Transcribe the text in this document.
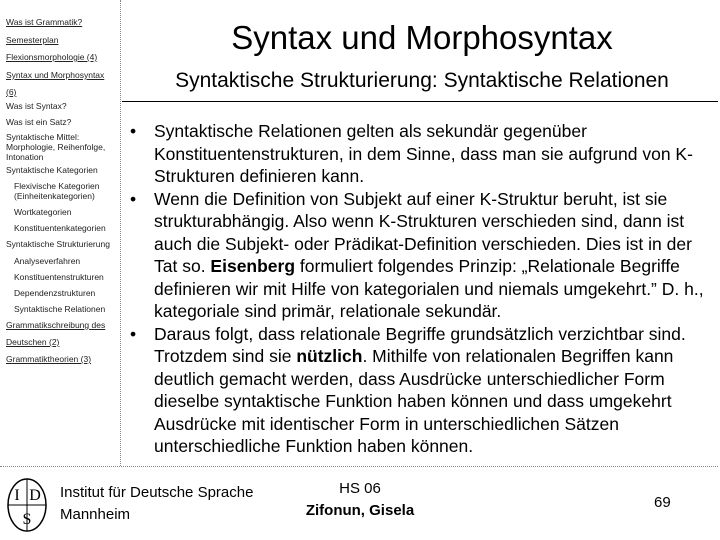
Was ist Grammatik?
Semesterplan
Flexionsmorphologie (4)
Syntax und Morphosyntax
(6)
Was ist Syntax?
Was ist ein Satz?
Syntaktische Mittel: Morphologie, Reihenfolge, Intonation
Syntaktische Kategorien
Flexivische Kategorien (Einheitenkategorien)
Wortkategorien
Konstituentenkategorien
Syntaktische Strukturierung
Analyseverfahren
Konstituentenstrukturen
Dependenzstrukturen
Syntaktische Relationen
Grammatikschreibung des
Deutschen (2)
Grammatiktheorien (3)
Syntax und Morphosyntax
Syntaktische Strukturierung: Syntaktische Relationen
• Syntaktische Relationen gelten als sekundär gegenüber Konstituentenstrukturen, in dem Sinne, dass man sie aufgrund von K-Strukturen definieren kann.
• Wenn die Definition von Subjekt auf einer K-Struktur beruht, ist sie strukturabhängig. Also wenn K-Strukturen verschieden sind, dann ist auch die Subjekt- oder Prädikat-Definition verschieden. Dies ist in der Tat so. Eisenberg formuliert folgendes Prinzip: „Relationale Begriffe definieren wir mit Hilfe von kategorialen und niemals umgekehrt.” D. h., kategoriale sind primär, relationale sekundär.
• Daraus folgt, dass relationale Begriffe grundsätzlich verzichtbar sind. Trotzdem sind sie nützlich. Mithilfe von relationalen Begriffen kann deutlich gemacht werden, dass Ausdrücke unterschiedlicher Form dieselbe syntaktische Funktion haben können und dass umgekehrt Ausdrücke mit identischer Form in unterschiedlichen Sätzen unterschiedliche Funktion haben können.
I D
S
Institut für Deutsche Sprache
Mannheim
HS 06
Zifonun, Gisela	69
